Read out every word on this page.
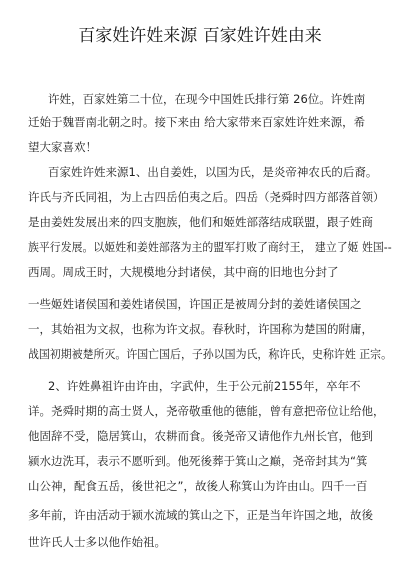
百家姓许姓来源 百家姓许姓由来
许姓，百家姓第二十位，在现今中国姓氏排行第 26位。许姓南
迁始于魏晋南北朝之时。接下来由 给大家带来百家姓许姓来源，希
望大家喜欢！
百家姓许姓来源1、出自姜姓，以国为氏，是炎帝神农氏的后裔。
许氏与齐氏同祖，为上古四岳伯夷之后。四岳（尧舜时四方部落首领）
是由姜姓发展出来的四支胞族，他们和姬姓部落结成联盟，跟子姓商
族平行发展。以姬姓和姜姓部落为主的盟军打败了商纣王， 建立了姬 姓国--
西周。周成王时，大规模地分封诸侯，其中商的旧地也分封了
一些姬姓诸侯国和姜姓诸侯国，许国正是被周分封的姜姓诸侯国之
一，其始祖为文叔，也称为许文叔。春秋时，许国称为楚国的附庸，
战国初期被楚所灭。许国亡国后，子孙以国为氏，称许氏，史称许姓 正宗。
2、许姓鼻祖许由许由，字武仲，生于公元前2155年，卒年不
详。尧舜时期的高士贤人，尧帝敬重他的德能，曾有意把帝位让给他，
他固辞不受，隐居箕山，农耕而食。後尧帝又请他作九州长官，他到
颍水边洗耳，表示不愿听到。他死後葬于箕山之巅，尧帝封其为“箕
山公神，配食五岳，後世祀之”，故後人称箕山为许由山。四千一百
多年前，许由活动于颍水流域的箕山之下，正是当年许国之地，故後
世许氏人士多以他作始祖。
